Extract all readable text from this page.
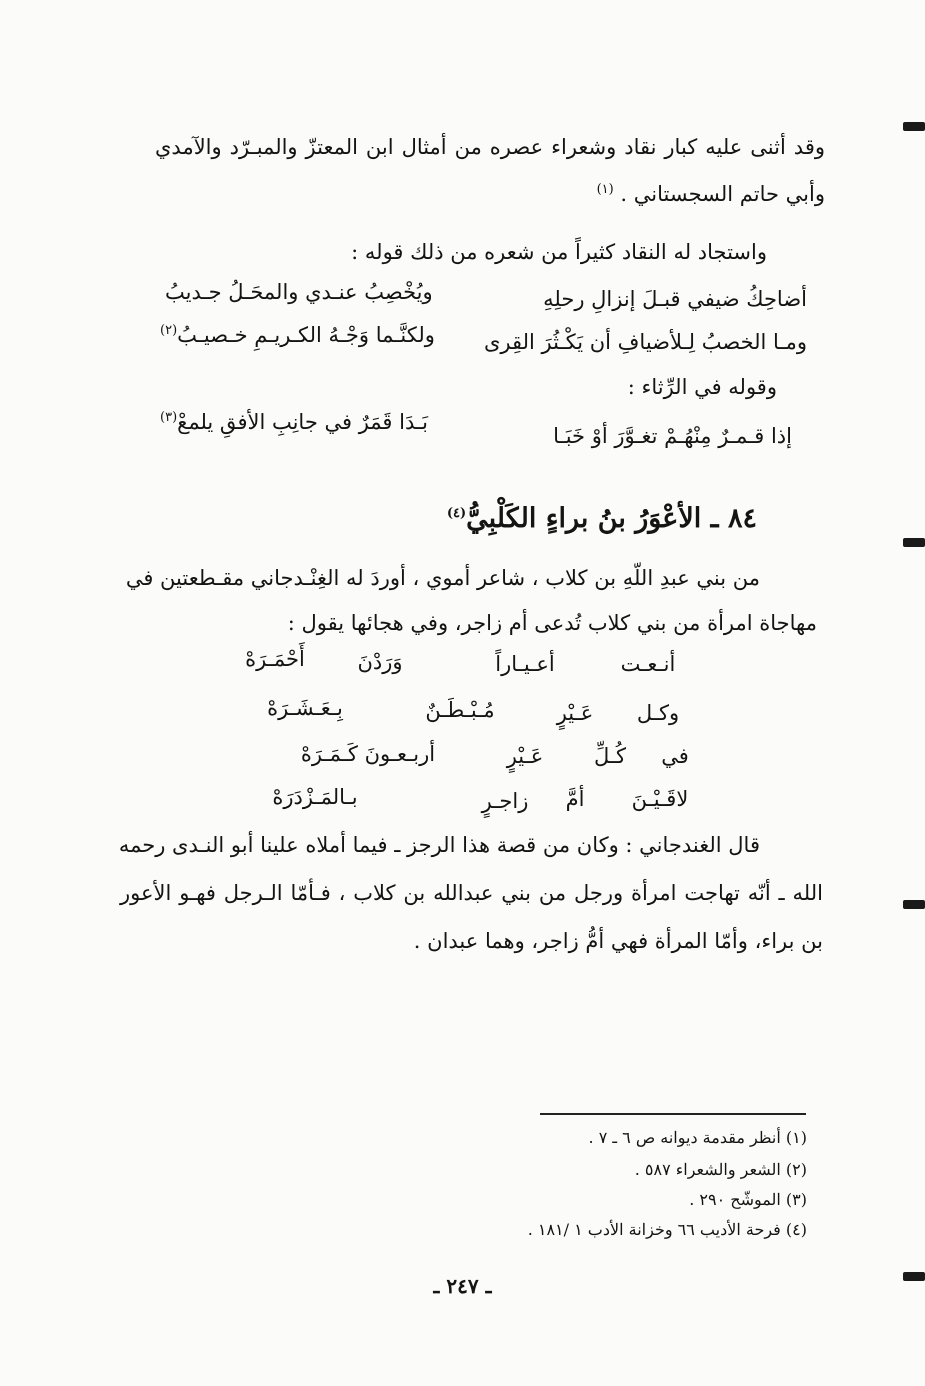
وقد أثنى عليه كبار نقاد وشعراء عصره من أمثال ابن المعتزّ والمبـرّد والآمدي
وأبي حاتم السجستاني . $^{(١)}$
واستجاد له النقاد كثيراً من شعره من ذلك قوله :
أضاحِكُ ضيفي قبـلَ إنزالِ رحلِهِ
ويُخْصِبُ عنـدي والمحَـلُ جـديبُ
ومـا الخصبُ لِـلأضيافِ أن يَكْـثُرَ القِرى
ولكنَّـما وَجْـهُ الكـريـمِ خـصيـبُ$^{(٢)}$
وقوله في الرِّثاء :
إذا قـمـرٌ مِنْهُـمْ تغـوَّرَ أوْ خَبَـا
بَـدَا قَمَرٌ في جانِبِ الأفقِ يلمعْ$^{(٣)}$
٨٤ ـ الأعْوَرُ بنُ براءٍ الكَلْبِيُّ$^{(٤)}$
من بني عبدِ اللّهِ بن كلاب ، شاعر أموي ، أوردَ له الغِنْـدجاني مقـطعتين في
مهاجاة امرأة من بني كلاب تُدعى أم زاجر، وفي هجائها يقول :
أنـعـت
أعـيـاراً
وَرَدْنَ
أَحْمَـرَهْ
وكـل
عَـيْرٍ
مُـبْـطَـنٌ
بِـعَـشَـرَهْ
في
كُـلِّ
عَـيْرٍ
أربـعـونَ كَـمَـرَهْ
لاقَـيْـنَ
أمَّ
زاجـرٍ
بـالمَـزْدَرَهْ
قال الغندجاني : وكان من قصة هذا الرجز ـ فيما أملاه علينا أبو النـدى رحمه
الله ـ أنّه تهاجت امرأة ورجل من بني عبدالله بن كلاب ، فـأمّا الـرجل فهـو الأعور
بن براء، وأمّا المرأة فهي أمُّ زاجر، وهما عبدان .
(١) أنظر مقدمة ديوانه ص ٦ ـ ٧ .
(٢) الشعر والشعراء ٥٨٧ .
(٣) الموشّح ٢٩٠ .
(٤) فرحة الأديب ٦٦ وخزانة الأدب ١ /١٨١ .
ـ ٢٤٧ ـ
